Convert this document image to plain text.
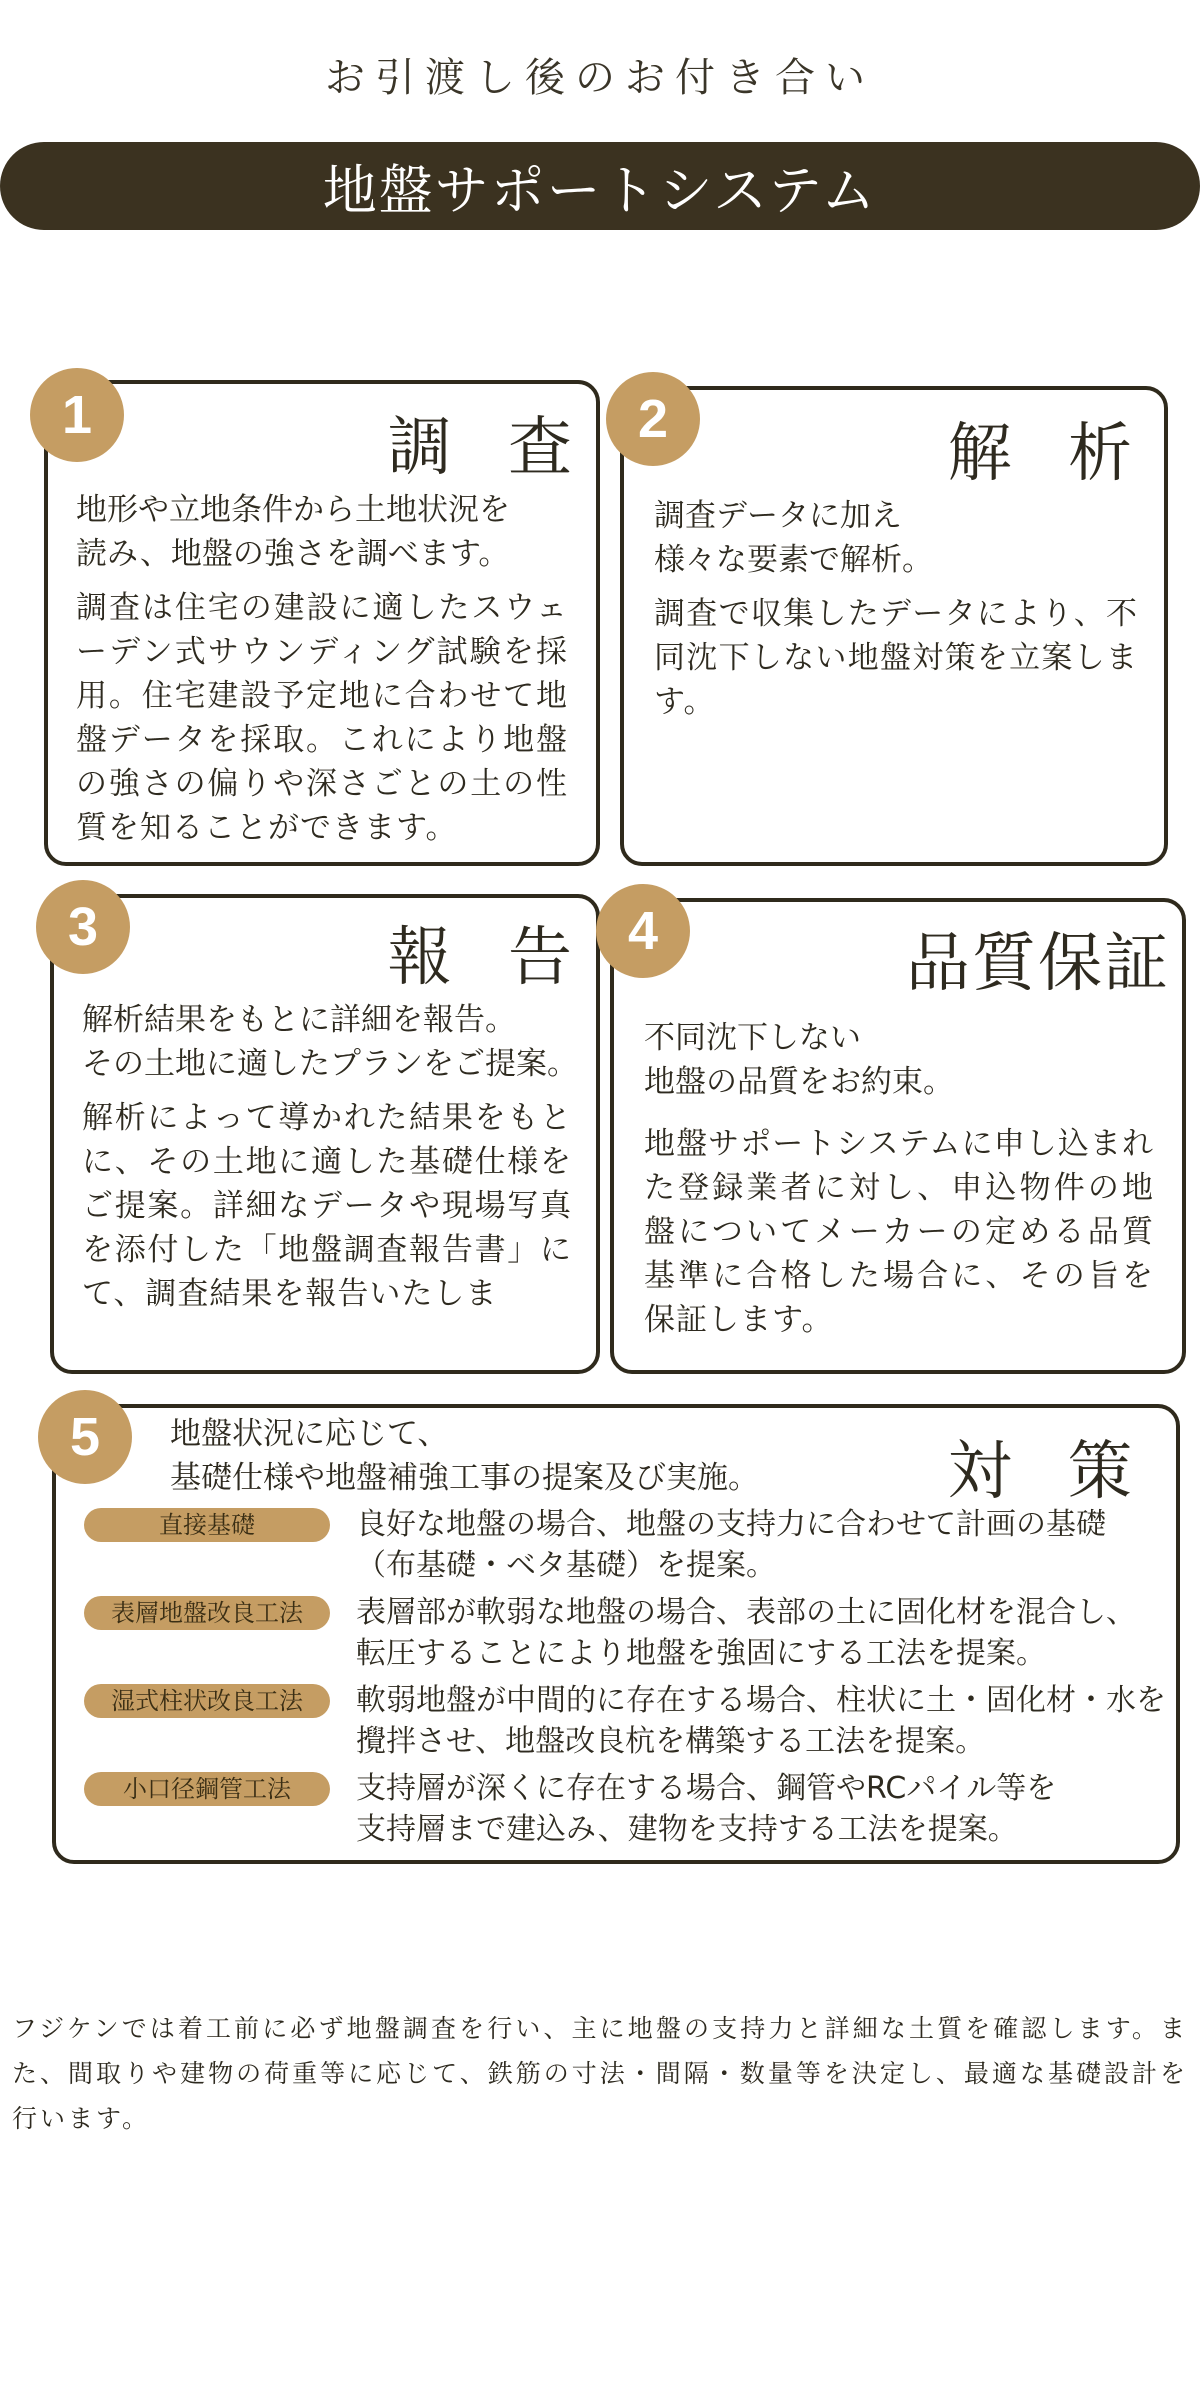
お引渡し後のお付き合い
地盤サポートシステム
1	調 査
地形や立地条件から土地状況を
読み、地盤の強さを調べます。
調査は住宅の建設に適したスウェーデン式サウンディング試験を採用。住宅建設予定地に合わせて地盤データを採取。これにより地盤の強さの偏りや深さごとの土の性質を知ることができます。
2	解 析
調査データに加え
様々な要素で解析。
調査で収集したデータにより、不同沈下しない地盤対策を立案します。
3	報 告
解析結果をもとに詳細を報告。
その土地に適したプランをご提案。
解析によって導かれた結果をもとに、その土地に適した基礎仕様をご提案。詳細なデータや現場写真を添付した「地盤調査報告書」にて、調査結果を報告いたしま
4	品質保証
不同沈下しない
地盤の品質をお約束。
地盤サポートシステムに申し込まれた登録業者に対し、申込物件の地盤についてメーカーの定める品質基準に合格した場合に、その旨を保証します。
5	対 策
地盤状況に応じて、
基礎仕様や地盤補強工事の提案及び実施。
直接基礎	良好な地盤の場合、地盤の支持力に合わせて計画の基礎
（布基礎・ベタ基礎）を提案。
表層地盤改良工法	表層部が軟弱な地盤の場合、表部の土に固化材を混合し、
転圧することにより地盤を強固にする工法を提案。
湿式柱状改良工法	軟弱地盤が中間的に存在する場合、柱状に土・固化材・水を
攪拌させ、地盤改良杭を構築する工法を提案。
小口径鋼管工法	支持層が深くに存在する場合、鋼管やRCパイル等を
支持層まで建込み、建物を支持する工法を提案。
フジケンでは着工前に必ず地盤調査を行い、主に地盤の支持力と詳細な土質を確認します。また、間取りや建物の荷重等に応じて、鉄筋の寸法・間隔・数量等を決定し、最適な基礎設計を行います。
